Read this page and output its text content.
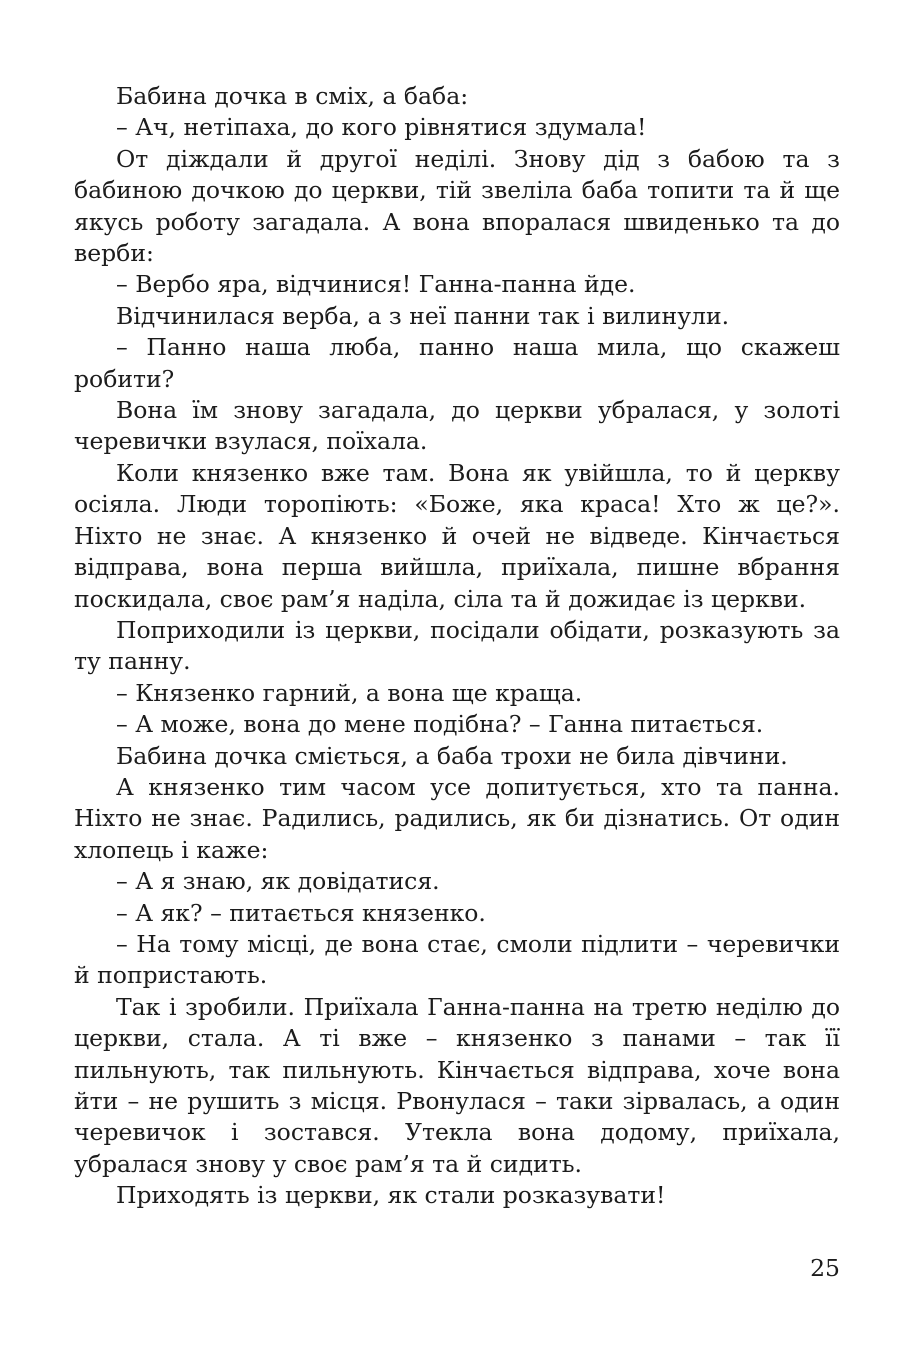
Бабина дочка в сміх, а баба:

– Ач, нетіпаха, до кого рівнятися здумала!

От діждали й другої неділі. Знову дід з бабою та з бабиною дочкою до церкви, тій звеліла баба топити та й ще якусь роботу загадала. А вона впоралася швиденько та до верби:

– Вербо яра, відчинися! Ганна-панна йде.

Відчинилася верба, а з неї панни так і вилинули.

– Панно наша люба, панно наша мила, що скажеш робити?

Вона їм знову загадала, до церкви убралася, у золоті черевички взулася, поїхала.

Коли князенко вже там. Вона як увійшла, то й церкву осіяла. Люди торопіють: «Боже, яка краса! Хто ж це?». Ніхто не знає. А князенко й очей не відведе. Кінчається відправа, вона перша вийшла, приїхала, пишне вбрання поскидала, своє рам’я наділа, сіла та й дожидає із церкви.

Поприходили із церкви, посідали обідати, розказують за ту панну.

– Князенко гарний, а вона ще краща.

– А може, вона до мене подібна? – Ганна питається.

Бабина дочка сміється, а баба трохи не била дівчини.

А князенко тим часом усе допитується, хто та панна. Ніхто не знає. Радились, радились, як би дізнатись. От один хлопець і каже:

– А я знаю, як довідатися.

– А як? – питається князенко.

– На тому місці, де вона стає, смоли підлити – черевички й попристають.

Так і зробили. Приїхала Ганна-панна на третю неділю до церкви, стала. А ті вже – князенко з панами – так її пильнують, так пильнують. Кінчається відправа, хоче вона йти – не рушить з місця. Рвонулася – таки зірвалась, а один черевичок і зостався. Утекла вона додому, приїхала, убралася знову у своє рам’я та й сидить.

Приходять із церкви, як стали розказувати!

25
